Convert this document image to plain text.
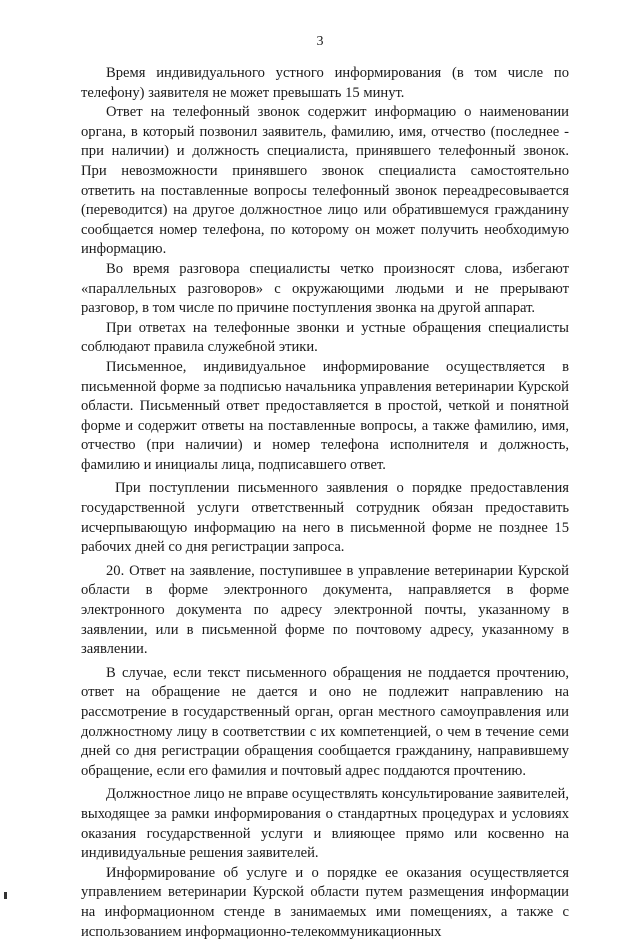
3

Время индивидуального устного информирования (в том числе по телефону) заявителя не может превышать 15 минут.

Ответ на телефонный звонок содержит информацию о наименовании органа, в который позвонил заявитель, фамилию, имя, отчество (последнее - при наличии) и должность специалиста, принявшего телефонный звонок. При невозможности принявшего звонок специалиста самостоятельно ответить на поставленные вопросы телефонный звонок переадресовывается (переводится) на другое должностное лицо или обратившемуся гражданину сообщается номер телефона, по которому он может получить необходимую информацию.

Во время разговора специалисты четко произносят слова, избегают «параллельных разговоров» с окружающими людьми и не прерывают разговор, в том числе по причине поступления звонка на другой аппарат.

При ответах на телефонные звонки и устные обращения специалисты соблюдают правила служебной этики.

Письменное, индивидуальное информирование осуществляется в письменной форме за подписью начальника управления ветеринарии Курской области. Письменный ответ предоставляется в простой, четкой и понятной форме и содержит ответы на поставленные вопросы, а также фамилию, имя, отчество (при наличии) и номер телефона исполнителя и должность, фамилию и инициалы лица, подписавшего ответ.

При поступлении письменного заявления о порядке предоставления государственной услуги ответственный сотрудник обязан предоставить исчерпывающую информацию на него в письменной форме не позднее 15 рабочих дней со дня регистрации запроса.

20. Ответ на заявление, поступившее в управление ветеринарии Курской области в форме электронного документа, направляется в форме электронного документа по адресу электронной почты, указанному в заявлении, или в письменной форме по почтовому адресу, указанному в заявлении.

В случае, если текст письменного обращения не поддается прочтению, ответ на обращение не дается и оно не подлежит направлению на рассмотрение в государственный орган, орган местного самоуправления или должностному лицу в соответствии с их компетенцией, о чем в течение семи дней со дня регистрации обращения сообщается гражданину, направившему обращение, если его фамилия и почтовый адрес поддаются прочтению.

Должностное лицо не вправе осуществлять консультирование заявителей, выходящее за рамки информирования о стандартных процедурах и условиях оказания государственной услуги и влияющее прямо или косвенно на индивидуальные решения заявителей.

Информирование об услуге и о порядке ее оказания осуществляется управлением ветеринарии Курской области путем размещения информации на информационном стенде в занимаемых ими помещениях, а также с использованием информационно-телекоммуникационных
